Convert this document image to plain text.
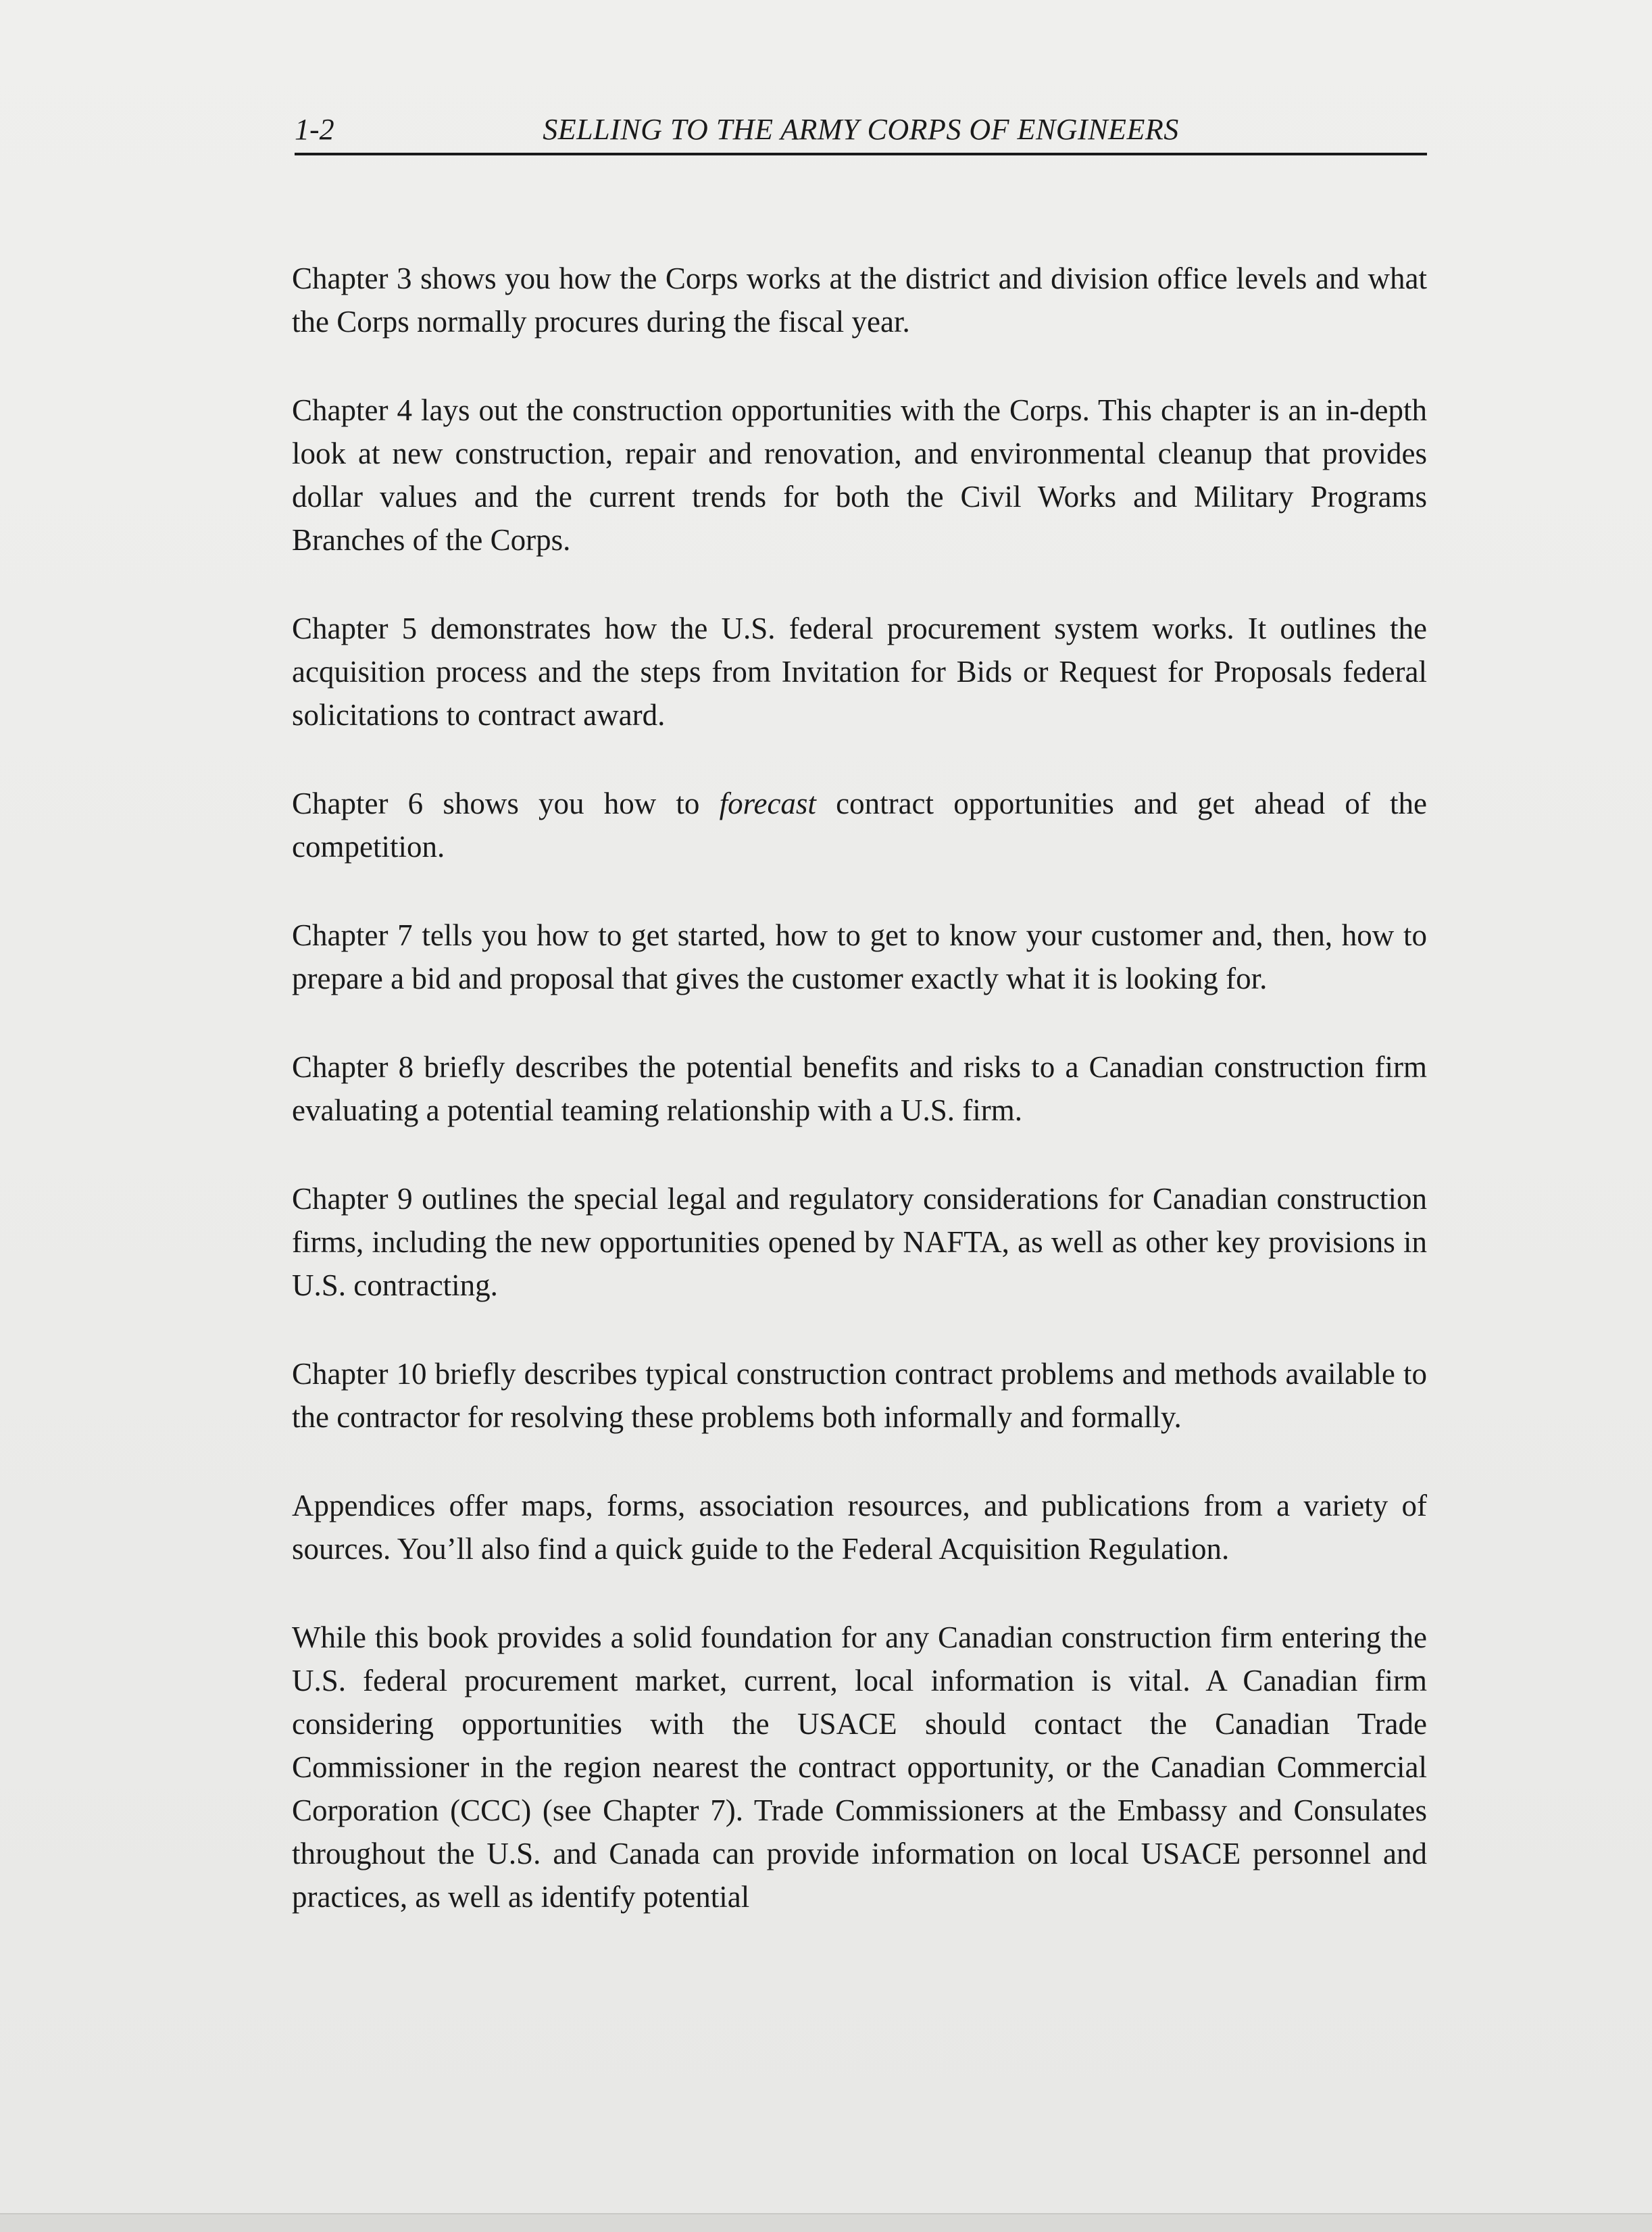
1-2	SELLING TO THE ARMY CORPS OF ENGINEERS

Chapter 3 shows you how the Corps works at the district and division office levels and what the Corps normally procures during the fiscal year.

Chapter 4 lays out the construction opportunities with the Corps. This chapter is an in-depth look at new construction, repair and renovation, and environmental cleanup that provides dollar values and the current trends for both the Civil Works and Military Programs Branches of the Corps.

Chapter 5 demonstrates how the U.S. federal procurement system works. It outlines the acquisition process and the steps from Invitation for Bids or Request for Proposals federal solicitations to contract award.

Chapter 6 shows you how to forecast contract opportunities and get ahead of the competition.

Chapter 7 tells you how to get started, how to get to know your customer and, then, how to prepare a bid and proposal that gives the customer exactly what it is looking for.

Chapter 8 briefly describes the potential benefits and risks to a Canadian construction firm evaluating a potential teaming relationship with a U.S. firm.

Chapter 9 outlines the special legal and regulatory considerations for Canadian construction firms, including the new opportunities opened by NAFTA, as well as other key provisions in U.S. contracting.

Chapter 10 briefly describes typical construction contract problems and methods available to the contractor for resolving these problems both informally and formally.

Appendices offer maps, forms, association resources, and publications from a variety of sources. You’ll also find a quick guide to the Federal Acquisition Regulation.

While this book provides a solid foundation for any Canadian construction firm entering the U.S. federal procurement market, current, local information is vital. A Canadian firm considering opportunities with the USACE should contact the Canadian Trade Commissioner in the region nearest the contract opportunity, or the Canadian Commercial Corporation (CCC) (see Chapter 7). Trade Commissioners at the Embassy and Consulates throughout the U.S. and Canada can provide information on local USACE personnel and practices, as well as identify potential
